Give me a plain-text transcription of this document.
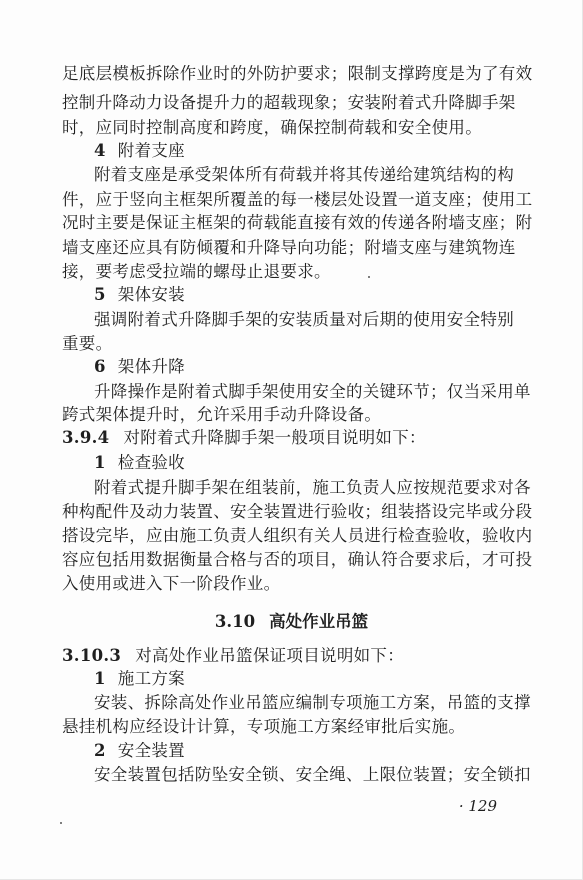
足底层模板拆除作业时的外防护要求；限制支撑跨度是为了有效
控制升降动力设备提升力的超载现象；安装附着式升降脚手架
时，应同时控制高度和跨度，确保控制荷载和安全使用。
4 附着支座
附着支座是承受架体所有荷载并将其传递给建筑结构的构
件，应于竖向主框架所覆盖的每一楼层处设置一道支座；使用工
况时主要是保证主框架的荷载能直接有效的传递各附墙支座；附
墙支座还应具有防倾覆和升降导向功能；附墙支座与建筑物连
接，要考虑受拉端的螺母止退要求。
5 架体安装
强调附着式升降脚手架的安装质量对后期的使用安全特别
重要。
6 架体升降
升降操作是附着式脚手架使用安全的关键环节；仅当采用单
跨式架体提升时，允许采用手动升降设备。
3.9.4 对附着式升降脚手架一般项目说明如下：
1 检查验收
附着式提升脚手架在组装前，施工负责人应按规范要求对各
种构配件及动力装置、安全装置进行验收；组装搭设完毕或分段
搭设完毕，应由施工负责人组织有关人员进行检查验收，验收内
容应包括用数据衡量合格与否的项目，确认符合要求后，才可投
入使用或进入下一阶段作业。
3.10 高处作业吊篮
3.10.3 对高处作业吊篮保证项目说明如下：
1 施工方案
安装、拆除高处作业吊篮应编制专项施工方案，吊篮的支撑
悬挂机构应经设计计算，专项施工方案经审批后实施。
2 安全装置
安全装置包括防坠安全锁、安全绳、上限位装置；安全锁扣
· 129
